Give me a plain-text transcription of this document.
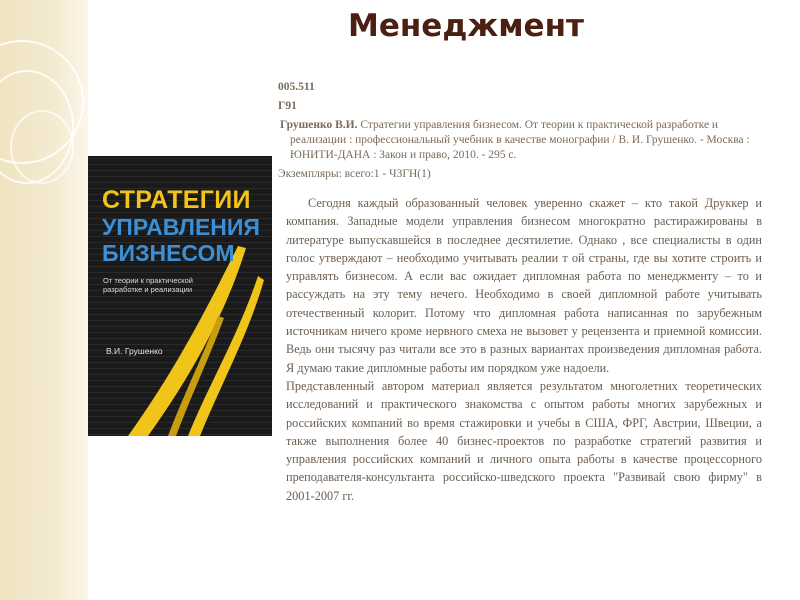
Менеджмент
СТРАТЕГИИ
УПРАВЛЕНИЯ
БИЗНЕСОМ
От теории к практической разработке и реализации
В.И. Грушенко
005.511
Г91
Грушенко В.И. Стратегии управления бизнесом. От теории к практической разработке и реализации : профессиональный учебник в качестве монографии / В. И. Грушенко. - Москва : ЮНИТИ-ДАНА : Закон и право, 2010. - 295 с.
Экземпляры: всего:1 - ЧЗГН(1)

Сегодня каждый образованный человек уверенно скажет – кто такой Друккер и компания. Западные модели управления бизнесом многократно растиражированы в литературе выпускавшейся в последнее десятилетие. Однако , все специалисты в один голос утверждают – необходимо учитывать реалии т ой страны, где вы хотите строить и управлять бизнесом. А если вас ожидает дипломная работа по менеджменту – то и рассуждать на эту тему нечего. Необходимо в своей дипломной работе учитывать отечественный колорит. Потому что дипломная работа написанная по зарубежным источникам ничего кроме нервного смеха не вызовет у рецензента и приемной комиссии. Ведь они тысячу раз читали все это в разных вариантах произведения дипломная работа. Я думаю такие дипломные работы им порядком уже надоели.

Представленный автором материал является результатом многолетних теоретических исследований и практического знакомства с опытом работы многих зарубежных и российских компаний во время стажировки и учебы в США, ФРГ, Австрии, Швеции, а также выполнения более 40 бизнес-проектов по разработке стратегий развития и управления российских компаний и личного опыта работы в качестве процессорного преподавателя-консультанта российско-шведского проекта "Развивай свою фирму" в 2001-2007 гг.
